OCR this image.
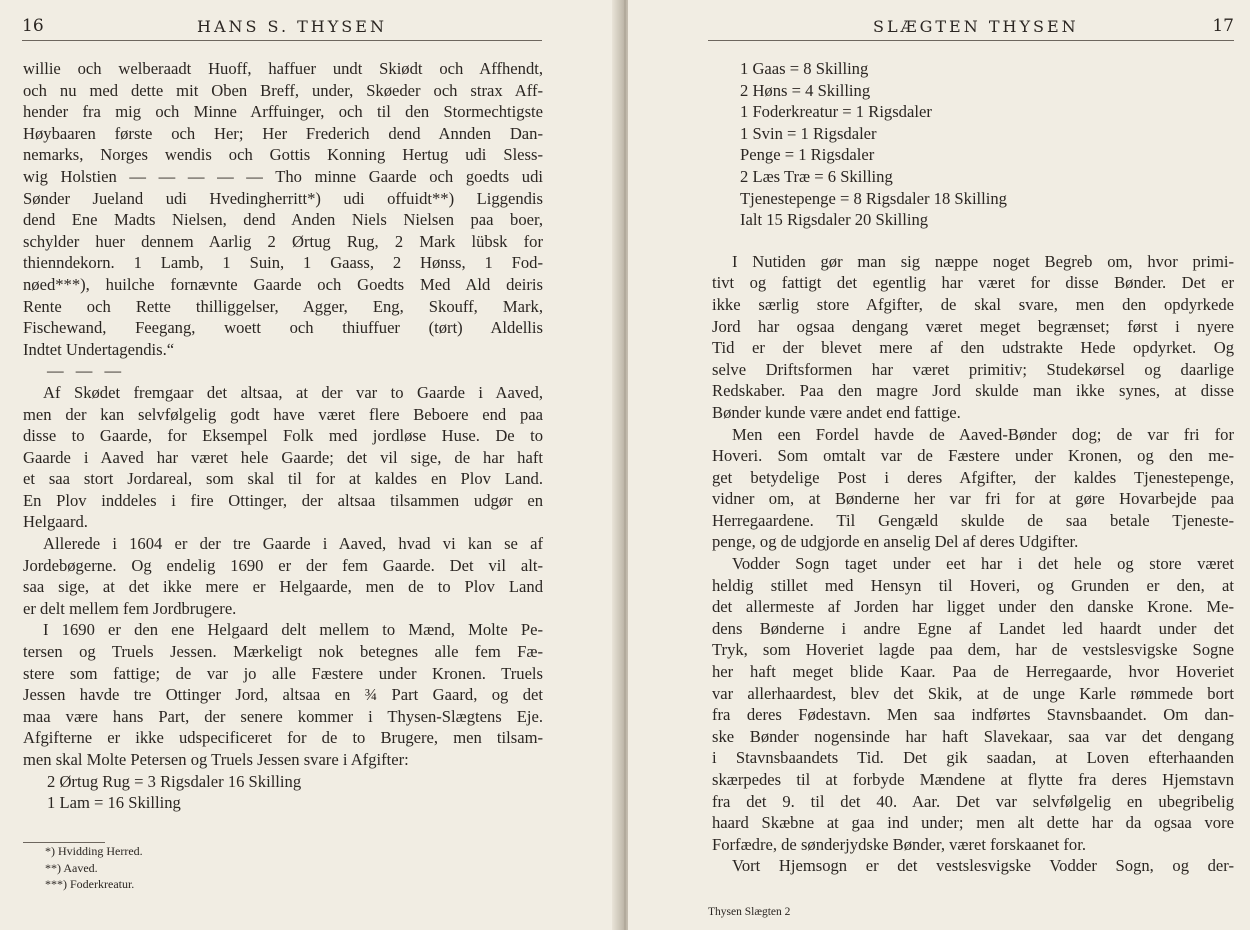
16	HANS S. THYSEN
willie och welberaadt Huoff, haffuer undt Skiødt och Affhendt,
och nu med dette mit Oben Breff, under, Skøeder och strax Aff-
hender fra mig och Minne Arffuinger, och til den Stormechtigste
Høybaaren første och Her; Her Frederich dend Annden Dan-
nemarks, Norges wendis och Gottis Konning Hertug udi Sless-
wig Holstien — — — — — Tho minne Gaarde och goedts udi
Sønder Jueland udi Hvedingherritt*) udi offuidt**) Liggendis
dend Ene Madts Nielsen, dend Anden Niels Nielsen paa boer,
schylder huer dennem Aarlig 2 Ørtug Rug, 2 Mark lübsk for
thienndekorn. 1 Lamb, 1 Suin, 1 Gaass, 2 Hønss, 1 Fod-
nøed***), huilche fornævnte Gaarde och Goedts Med Ald deiris
Rente och Rette thilliggelser, Agger, Eng, Skouff, Mark,
Fischewand, Feegang, woett och thiuffuer (tørt) Aldellis
Indtet Undertagendis.“
— — —
Af Skødet fremgaar det altsaa, at der var to Gaarde i Aaved,
men der kan selvfølgelig godt have været flere Beboere end paa
disse to Gaarde, for Eksempel Folk med jordløse Huse. De to
Gaarde i Aaved har været hele Gaarde; det vil sige, de har haft
et saa stort Jordareal, som skal til for at kaldes en Plov Land.
En Plov inddeles i fire Ottinger, der altsaa tilsammen udgør en
Helgaard.
Allerede i 1604 er der tre Gaarde i Aaved, hvad vi kan se af
Jordebøgerne. Og endelig 1690 er der fem Gaarde. Det vil alt-
saa sige, at det ikke mere er Helgaarde, men de to Plov Land
er delt mellem fem Jordbrugere.
I 1690 er den ene Helgaard delt mellem to Mænd, Molte Pe-
tersen og Truels Jessen. Mærkeligt nok betegnes alle fem Fæ-
stere som fattige; de var jo alle Fæstere under Kronen. Truels
Jessen havde tre Ottinger Jord, altsaa en ¾ Part Gaard, og det
maa være hans Part, der senere kommer i Thysen-Slægtens Eje.
Afgifterne er ikke udspecificeret for de to Brugere, men tilsam-
men skal Molte Petersen og Truels Jessen svare i Afgifter:
2 Ørtug Rug = 3 Rigsdaler 16 Skilling
1 Lam = 16 Skilling
*) Hvidding Herred.
**) Aaved.
***) Foderkreatur.
SLÆGTEN THYSEN	17
1 Gaas = 8 Skilling
2 Høns = 4 Skilling
1 Foderkreatur = 1 Rigsdaler
1 Svin = 1 Rigsdaler
Penge = 1 Rigsdaler
2 Læs Træ = 6 Skilling
Tjenestepenge = 8 Rigsdaler 18 Skilling
Ialt 15 Rigsdaler 20 Skilling
I Nutiden gør man sig næppe noget Begreb om, hvor primi-
tivt og fattigt det egentlig har været for disse Bønder. Det er
ikke særlig store Afgifter, de skal svare, men den opdyrkede
Jord har ogsaa dengang været meget begrænset; først i nyere
Tid er der blevet mere af den udstrakte Hede opdyrket. Og
selve Driftsformen har været primitiv; Studekørsel og daarlige
Redskaber. Paa den magre Jord skulde man ikke synes, at disse
Bønder kunde være andet end fattige.
Men een Fordel havde de Aaved-Bønder dog; de var fri for
Hoveri. Som omtalt var de Fæstere under Kronen, og den me-
get betydelige Post i deres Afgifter, der kaldes Tjenestepenge,
vidner om, at Bønderne her var fri for at gøre Hovarbejde paa
Herregaardene. Til Gengæld skulde de saa betale Tjeneste-
penge, og de udgjorde en anselig Del af deres Udgifter.
Vodder Sogn taget under eet har i det hele og store været
heldig stillet med Hensyn til Hoveri, og Grunden er den, at
det allermeste af Jorden har ligget under den danske Krone. Me-
dens Bønderne i andre Egne af Landet led haardt under det
Tryk, som Hoveriet lagde paa dem, har de vestslesvigske Sogne
her haft meget blide Kaar. Paa de Herregaarde, hvor Hoveriet
var allerhaardest, blev det Skik, at de unge Karle rømmede bort
fra deres Fødestavn. Men saa indførtes Stavnsbaandet. Om dan-
ske Bønder nogensinde har haft Slavekaar, saa var det dengang
i Stavnsbaandets Tid. Det gik saadan, at Loven efterhaanden
skærpedes til at forbyde Mændene at flytte fra deres Hjemstavn
fra det 9. til det 40. Aar. Det var selvfølgelig en ubegribelig
haard Skæbne at gaa ind under; men alt dette har da ogsaa vore
Forfædre, de sønderjydske Bønder, været forskaanet for.
Vort Hjemsogn er det vestslesvigske Vodder Sogn, og der-
Thysen Slægten 2
